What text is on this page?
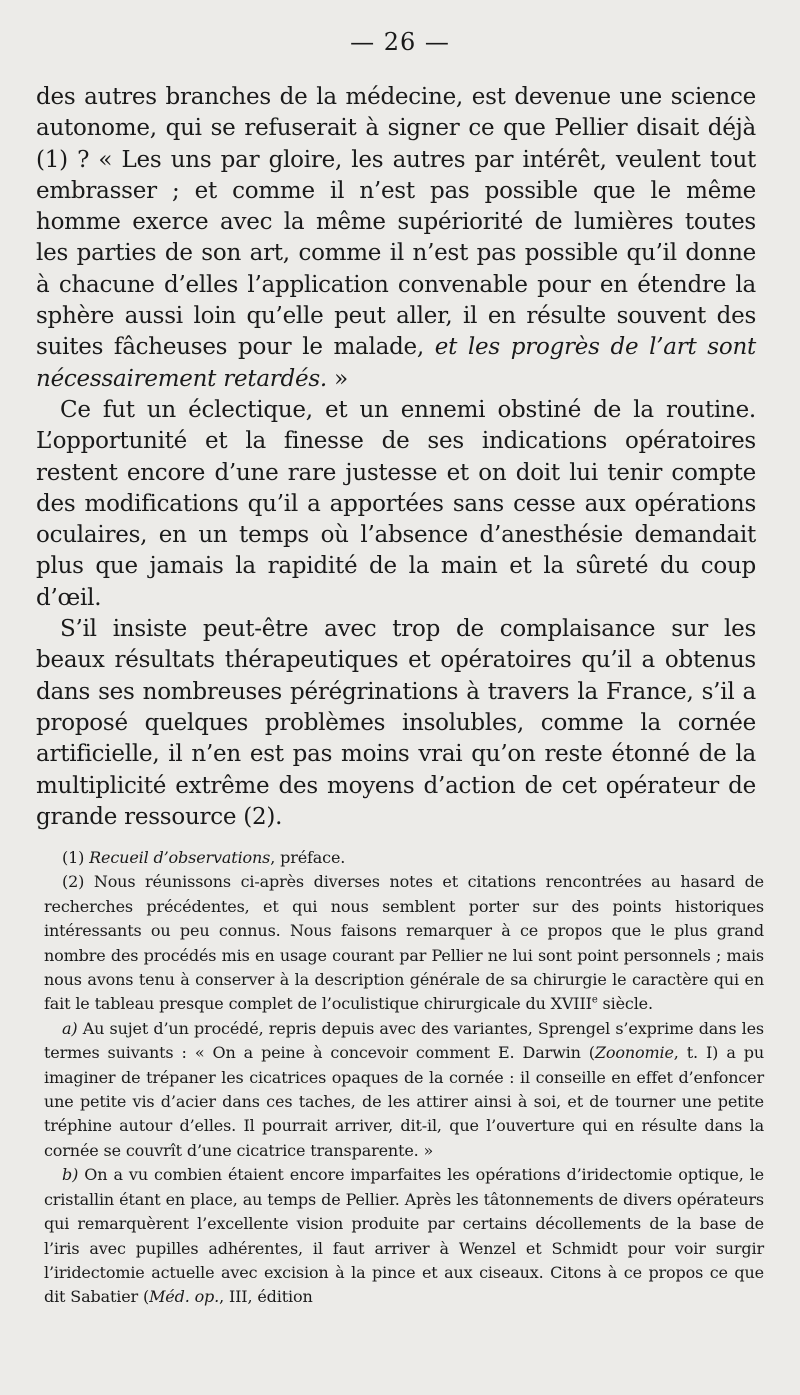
— 26 —

des autres branches de la médecine, est devenue une science autonome, qui se refuserait à signer ce que Pellier disait déjà (1) ? « Les uns par gloire, les autres par intérêt, veulent tout embrasser ; et comme il n’est pas possible que le même homme exerce avec la même supériorité de lumières toutes les parties de son art, comme il n’est pas possible qu’il donne à chacune d’elles l’application convenable pour en étendre la sphère aussi loin qu’elle peut aller, il en résulte souvent des suites fâcheuses pour le malade, et les progrès de l’art sont nécessairement retardés. »

Ce fut un éclectique, et un ennemi obstiné de la routine. L’opportunité et la finesse de ses indications opératoires restent encore d’une rare justesse et on doit lui tenir compte des modifications qu’il a apportées sans cesse aux opérations oculaires, en un temps où l’absence d’anesthésie demandait plus que jamais la rapidité de la main et la sûreté du coup d’œil.

S’il insiste peut-être avec trop de complaisance sur les beaux résultats thérapeutiques et opératoires qu’il a obtenus dans ses nombreuses pérégrinations à travers la France, s’il a proposé quelques problèmes insolubles, comme la cornée artificielle, il n’en est pas moins vrai qu’on reste étonné de la multiplicité extrême des moyens d’action de cet opérateur de grande ressource (2).

(1) Recueil d’observations, préface.

(2) Nous réunissons ci-après diverses notes et citations rencontrées au hasard de recherches précédentes, et qui nous semblent porter sur des points historiques intéressants ou peu connus. Nous faisons remarquer à ce propos que le plus grand nombre des procédés mis en usage courant par Pellier ne lui sont point personnels ; mais nous avons tenu à conserver à la description générale de sa chirurgie le caractère qui en fait le tableau presque complet de l’oculistique chirurgicale du XVIIIe siècle.

a) Au sujet d’un procédé, repris depuis avec des variantes, Sprengel s’exprime dans les termes suivants : « On a peine à concevoir comment E. Darwin (Zoonomie, t. I) a pu imaginer de trépaner les cicatrices opaques de la cornée : il conseille en effet d’enfoncer une petite vis d’acier dans ces taches, de les attirer ainsi à soi, et de tourner une petite tréphine autour d’elles. Il pourrait arriver, dit-il, que l’ouverture qui en résulte dans la cornée se couvrît d’une cicatrice transparente. »

b) On a vu combien étaient encore imparfaites les opérations d’iridectomie optique, le cristallin étant en place, au temps de Pellier. Après les tâtonnements de divers opérateurs qui remarquèrent l’excellente vision produite par certains décollements de la base de l’iris avec pupilles adhérentes, il faut arriver à Wenzel et Schmidt pour voir surgir l’iridectomie actuelle avec excision à la pince et aux ciseaux. Citons à ce propos ce que dit Sabatier (Méd. op., III, édition
